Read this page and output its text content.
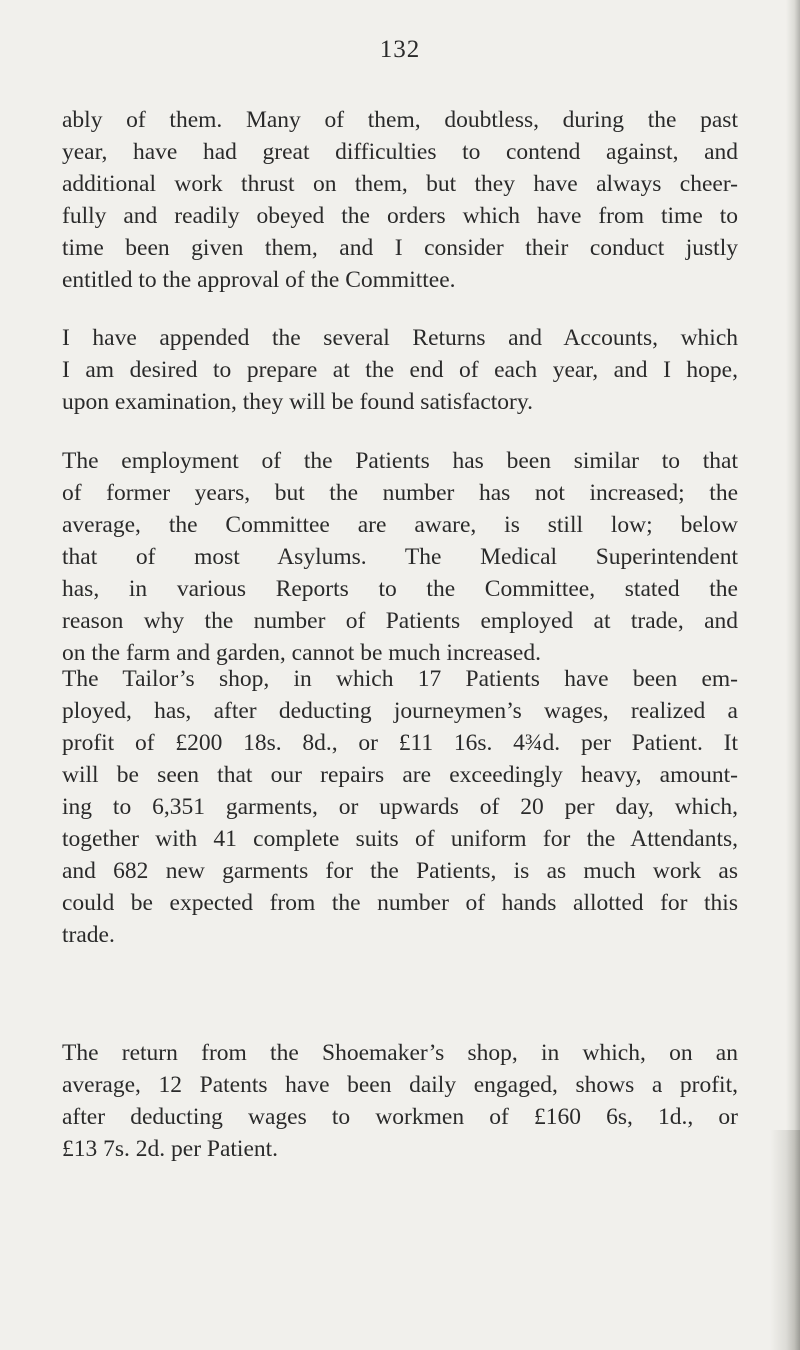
132
ably of them. Many of them, doubtless, during the past
year, have had great difficulties to contend against, and
additional work thrust on them, but they have always cheer-
fully and readily obeyed the orders which have from time to
time been given them, and I consider their conduct justly
entitled to the approval of the Committee.
I have appended the several Returns and Accounts, which
I am desired to prepare at the end of each year, and I hope,
upon examination, they will be found satisfactory.
The employment of the Patients has been similar to that
of former years, but the number has not increased; the
average, the Committee are aware, is still low; below
that of most Asylums. The Medical Superintendent
has, in various Reports to the Committee, stated the
reason why the number of Patients employed at trade, and
on the farm and garden, cannot be much increased.
The Tailor’s shop, in which 17 Patients have been em-
ployed, has, after deducting journeymen’s wages, realized a
profit of £200 18s. 8d., or £11 16s. 4¾d. per Patient. It
will be seen that our repairs are exceedingly heavy, amount-
ing to 6,351 garments, or upwards of 20 per day, which,
together with 41 complete suits of uniform for the Attendants,
and 682 new garments for the Patients, is as much work as
could be expected from the number of hands allotted for this
trade.
The return from the Shoemaker’s shop, in which, on an
average, 12 Patents have been daily engaged, shows a profit,
after deducting wages to workmen of £160 6s, 1d., or
£13 7s. 2d. per Patient.
